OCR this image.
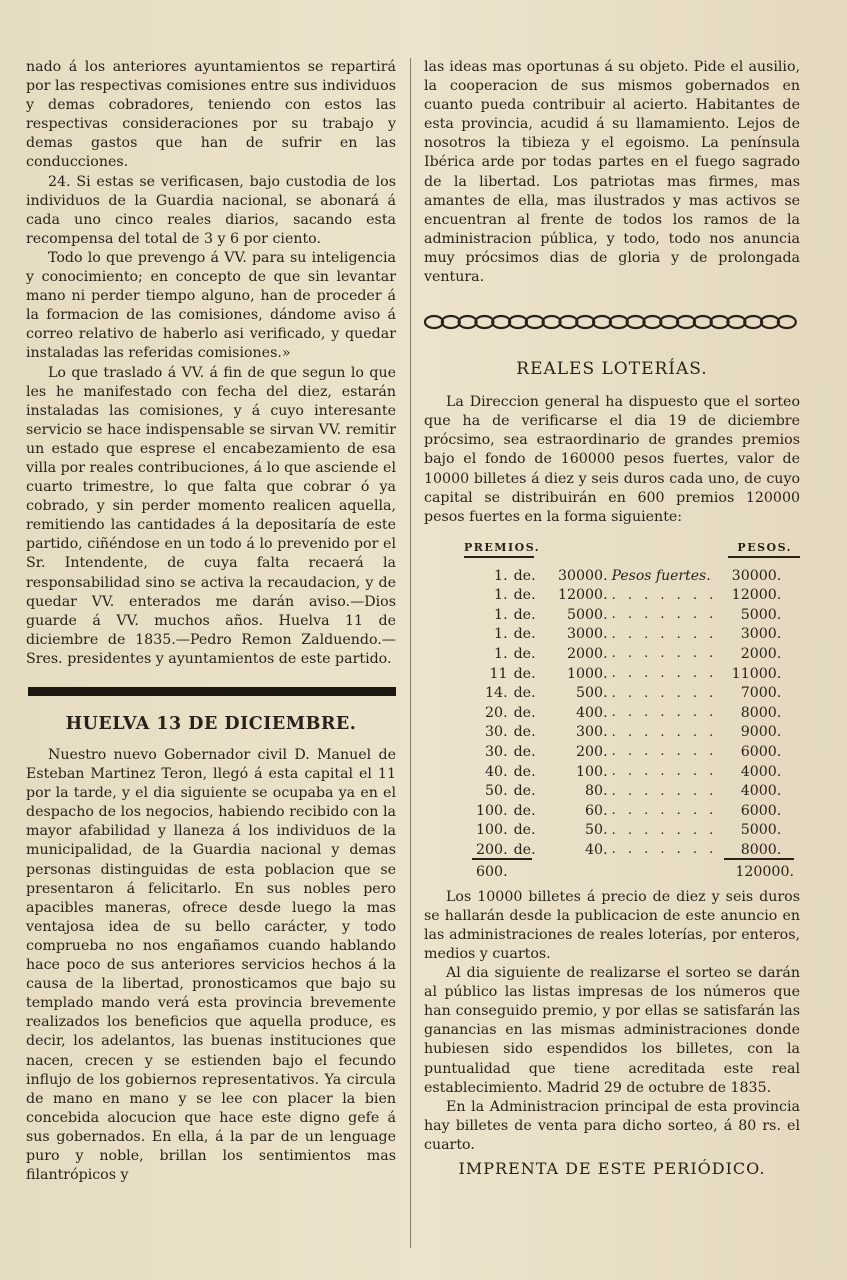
nado á los anteriores ayuntamientos se repartirá por las respectivas comisiones entre sus individuos y demas cobradores, teniendo con estos las respectivas consideraciones por su trabajo y demas gastos que han de sufrir en las conducciones.

24. Si estas se verificasen, bajo custodia de los individuos de la Guardia nacional, se abonará á cada uno cinco reales diarios, sacando esta recompensa del total de 3 y 6 por ciento.

Todo lo que prevengo á VV. para su inteligencia y conocimiento; en concepto de que sin levantar mano ni perder tiempo alguno, han de proceder á la formacion de las comisiones, dándome aviso á correo relativo de haberlo asi verificado, y quedar instaladas las referidas comisiones.»

Lo que traslado á VV. á fin de que segun lo que les he manifestado con fecha del diez, estarán instaladas las comisiones, y á cuyo interesante servicio se hace indispensable se sirvan VV. remitir un estado que esprese el encabezamiento de esa villa por reales contribuciones, á lo que asciende el cuarto trimestre, lo que falta que cobrar ó ya cobrado, y sin perder momento realicen aquella, remitiendo las cantidades á la depositaría de este partido, ciñéndose en un todo á lo prevenido por el Sr. Intendente, de cuya falta recaerá la responsabilidad sino se activa la recaudacion, y de quedar VV. enterados me darán aviso.—Dios guarde á VV. muchos años. Huelva 11 de diciembre de 1835.—Pedro Remon Zalduendo.—Sres. presidentes y ayuntamientos de este partido.

HUELVA 13 DE DICIEMBRE.

Nuestro nuevo Gobernador civil D. Manuel de Esteban Martinez Teron, llegó á esta capital el 11 por la tarde, y el dia siguiente se ocupaba ya en el despacho de los negocios, habiendo recibido con la mayor afabilidad y llaneza á los individuos de la municipalidad, de la Guardia nacional y demas personas distinguidas de esta poblacion que se presentaron á felicitarlo. En sus nobles pero apacibles maneras, ofrece desde luego la mas ventajosa idea de su bello carácter, y todo comprueba no nos engañamos cuando hablando hace poco de sus anteriores servicios hechos á la causa de la libertad, pronosticamos que bajo su templado mando verá esta provincia brevemente realizados los beneficios que aquella produce, es decir, los adelantos, las buenas instituciones que nacen, crecen y se estienden bajo el fecundo influjo de los gobiernos representativos. Ya circula de mano en mano y se lee con placer la bien concebida alocucion que hace este digno gefe á sus gobernados. En ella, á la par de un lenguage puro y noble, brillan los sentimientos mas filantrópicos y

las ideas mas oportunas á su objeto. Pide el ausilio, la cooperacion de sus mismos gobernados en cuanto pueda contribuir al acierto. Habitantes de esta provincia, acudid á su llamamiento. Lejos de nosotros la tibieza y el egoismo. La península Ibérica arde por todas partes en el fuego sagrado de la libertad. Los patriotas mas firmes, mas amantes de ella, mas ilustrados y mas activos se encuentran al frente de todos los ramos de la administracion pública, y todo, todo nos anuncia muy prócsimos dias de gloria y de prolongada ventura.

REALES LOTERÍAS.

La Direccion general ha dispuesto que el sorteo que ha de verificarse el dia 19 de diciembre prócsimo, sea estraordinario de grandes premios bajo el fondo de 160000 pesos fuertes, valor de 10000 billetes á diez y seis duros cada uno, de cuyo capital se distribuirán en 600 premios 120000 pesos fuertes en la forma siguiente:

PREMIOS.	PESOS.
1.	de.	30000.	Pesos fuertes.	30000.
1.	de.	12000.	. . . . . . .	12000.
1.	de.	5000.	. . . . . . .	5000.
1.	de.	3000.	. . . . . . .	3000.
1.	de.	2000.	. . . . . . .	2000.
11	de.	1000.	. . . . . . .	11000.
14.	de.	500.	. . . . . . .	7000.
20.	de.	400.	. . . . . . .	8000.
30.	de.	300.	. . . . . . .	9000.
30.	de.	200.	. . . . . . .	6000.
40.	de.	100.	. . . . . . .	4000.
50.	de.	80.	. . . . . . .	4000.
100.	de.	60.	. . . . . . .	6000.
100.	de.	50.	. . . . . . .	5000.
200.	de.	40.	. . . . . . .	8000.
600.	120000.

Los 10000 billetes á precio de diez y seis duros se hallarán desde la publicacion de este anuncio en las administraciones de reales loterías, por enteros, medios y cuartos.

Al dia siguiente de realizarse el sorteo se darán al público las listas impresas de los números que han conseguido premio, y por ellas se satisfarán las ganancias en las mismas administraciones donde hubiesen sido espendidos los billetes, con la puntualidad que tiene acreditada este real establecimiento. Madrid 29 de octubre de 1835.

En la Administracion principal de esta provincia hay billetes de venta para dicho sorteo, á 80 rs. el cuarto.

IMPRENTA DE ESTE PERIÓDICO.
